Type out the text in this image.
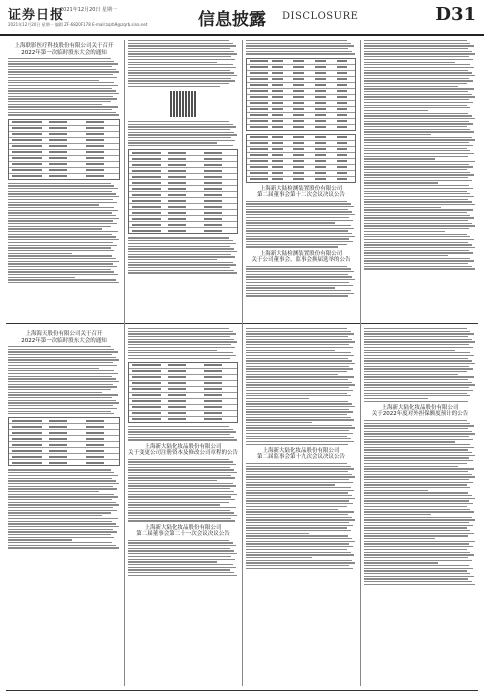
证券日报
2021年12月20日 星期一
2021年12月20日 星期一 编辑 ZF-6820F178 E-mail:zqrb9@zqrb.sina.net	信息披露 DISCLOSURE	D31
上海联影医疗科技股份有限公司关于召开
2022年第一次临时股东大会的通知
上海新大陆检测装置股份有限公司
第二届董事会第十二次会议决议公告
上海新大陆检测装置股份有限公司
关于公司董事会、监事会换届选举的公告
上海海天股份有限公司关于召开
2022年第一次临时股东大会的通知
上海新大陆化妆品股份有限公司
关于变更公司注册资本及修改公司章程的公告
上海新大陆化妆品股份有限公司
第二届董事会第二十一次会议决议公告
上海新大陆化妆品股份有限公司
第二届监事会第十九次会议决议公告
上海新大陆化妆品股份有限公司
关于2022年度对外担保额度预计的公告
